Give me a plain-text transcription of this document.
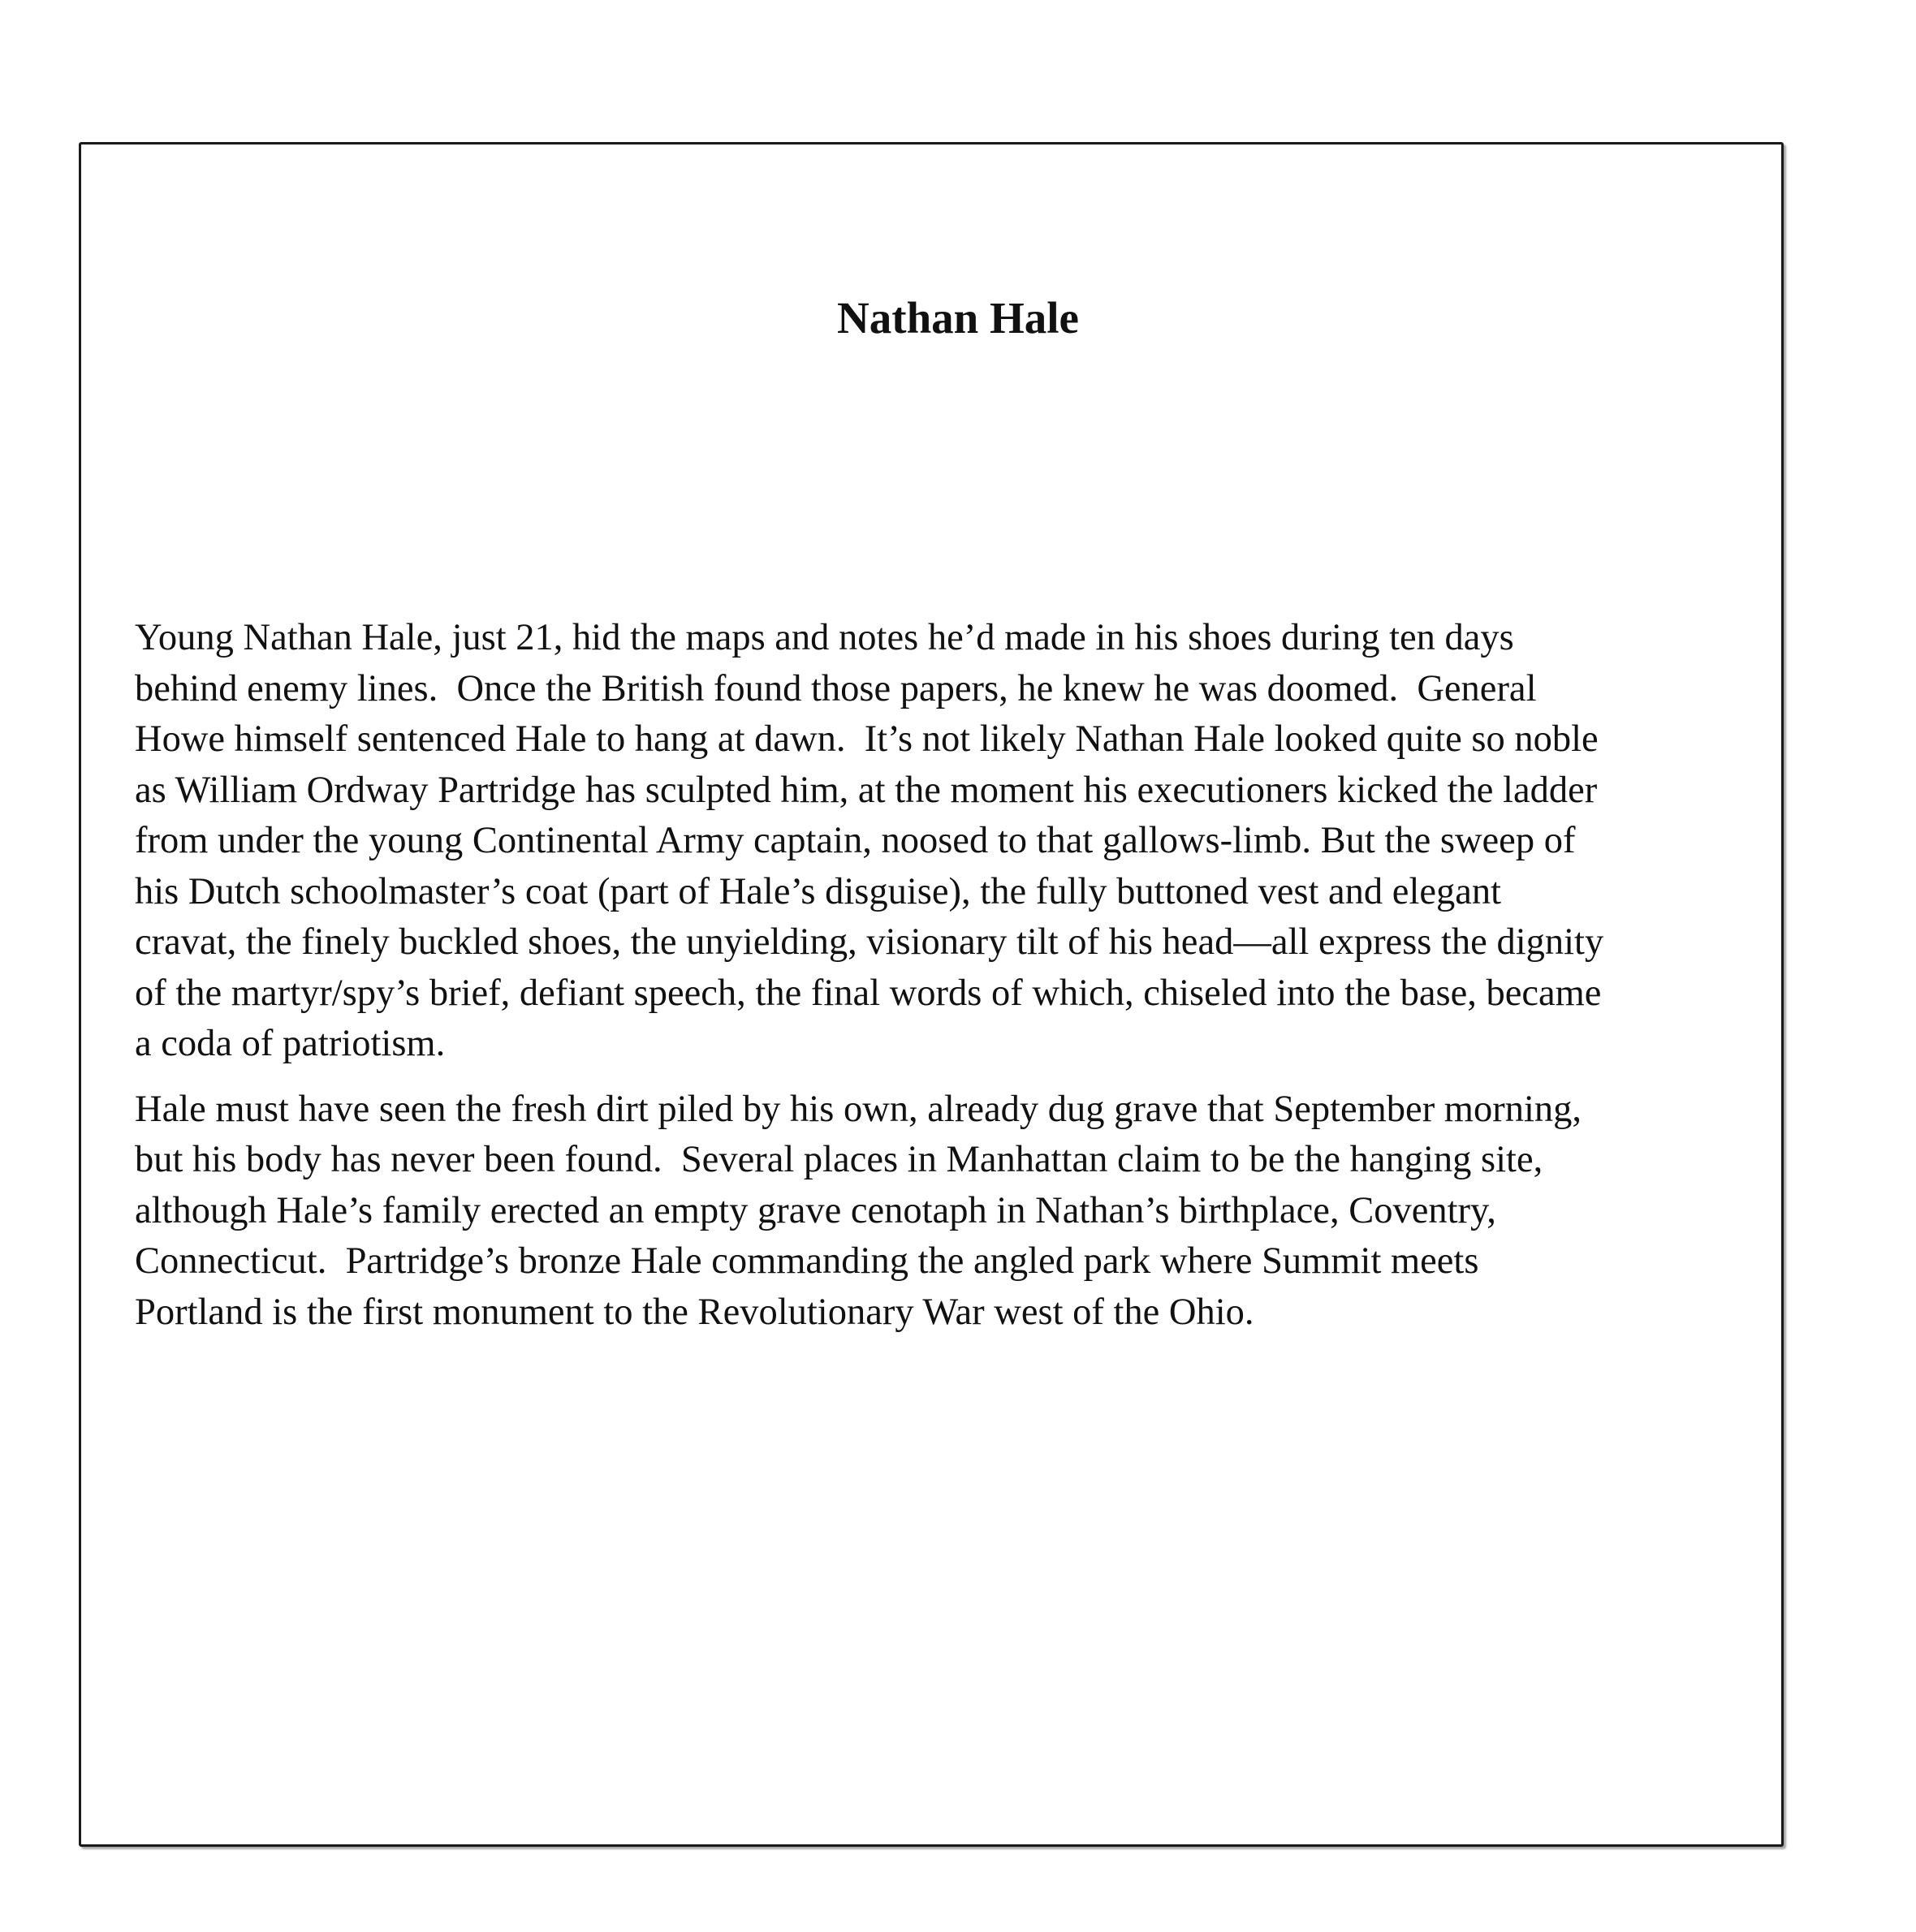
Nathan Hale
Young Nathan Hale, just 21, hid the maps and notes he’d made in his shoes during ten days
behind enemy lines.  Once the British found those papers, he knew he was doomed.  General
Howe himself sentenced Hale to hang at dawn.  It’s not likely Nathan Hale looked quite so noble
as William Ordway Partridge has sculpted him, at the moment his executioners kicked the ladder
from under the young Continental Army captain, noosed to that gallows-limb. But the sweep of
his Dutch schoolmaster’s coat (part of Hale’s disguise), the fully buttoned vest and elegant
cravat, the finely buckled shoes, the unyielding, visionary tilt of his head—all express the dignity
of the martyr/spy’s brief, defiant speech, the final words of which, chiseled into the base, became
a coda of patriotism.
Hale must have seen the fresh dirt piled by his own, already dug grave that September morning,
but his body has never been found.  Several places in Manhattan claim to be the hanging site,
although Hale’s family erected an empty grave cenotaph in Nathan’s birthplace, Coventry,
Connecticut.  Partridge’s bronze Hale commanding the angled park where Summit meets
Portland is the first monument to the Revolutionary War west of the Ohio.
